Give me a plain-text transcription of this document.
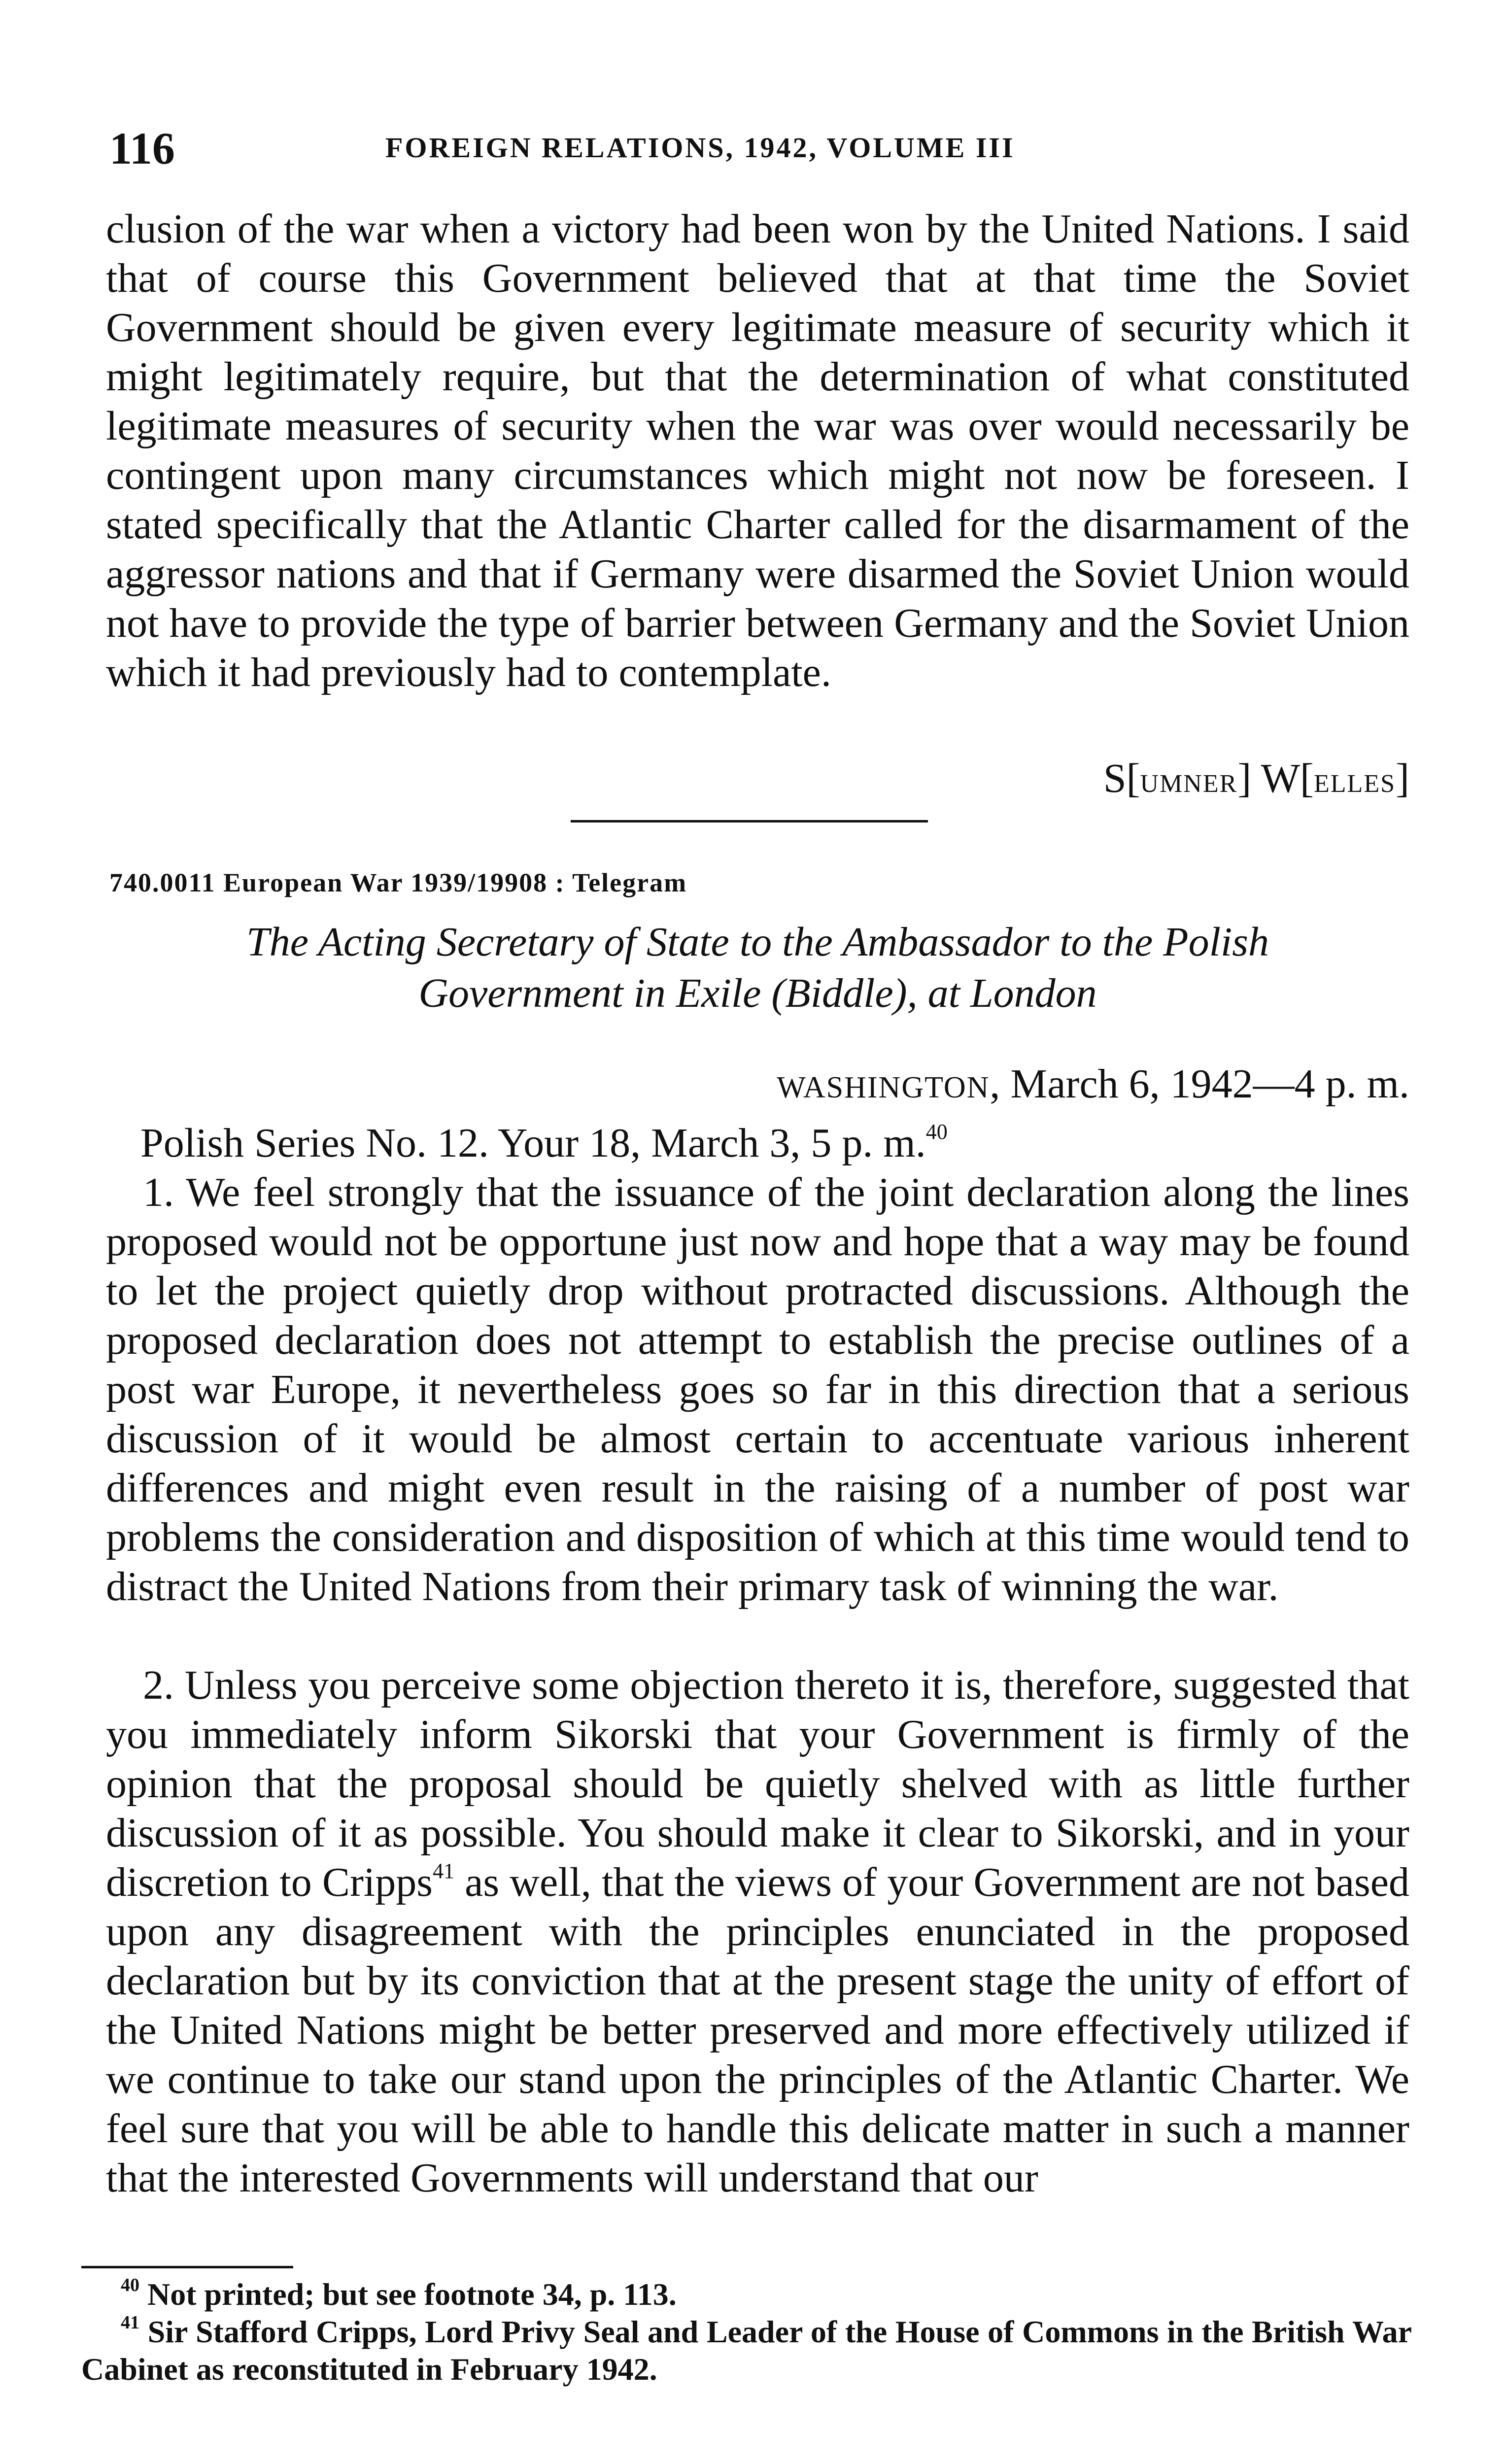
116	FOREIGN RELATIONS, 1942, VOLUME III
clusion of the war when a victory had been won by the United Nations. I said that of course this Government believed that at that time the Soviet Government should be given every legitimate measure of security which it might legitimately require, but that the determination of what constituted legitimate measures of security when the war was over would necessarily be contingent upon many circumstances which might not now be foreseen. I stated specifically that the Atlantic Charter called for the disarmament of the aggressor nations and that if Germany were disarmed the Soviet Union would not have to provide the type of barrier between Germany and the Soviet Union which it had previously had to contemplate.
S[UMNER] W[ELLES]
740.0011 European War 1939/19908 : Telegram
The Acting Secretary of State to the Ambassador to the Polish
Government in Exile (Biddle), at London
WASHINGTON, March 6, 1942—4 p. m.
Polish Series No. 12. Your 18, March 3, 5 p. m.$^{40}$
1. We feel strongly that the issuance of the joint declaration along the lines proposed would not be opportune just now and hope that a way may be found to let the project quietly drop without protracted discussions. Although the proposed declaration does not attempt to establish the precise outlines of a post war Europe, it nevertheless goes so far in this direction that a serious discussion of it would be almost certain to accentuate various inherent differences and might even result in the raising of a number of post war problems the consideration and disposition of which at this time would tend to distract the United Nations from their primary task of winning the war.
2. Unless you perceive some objection thereto it is, therefore, suggested that you immediately inform Sikorski that your Government is firmly of the opinion that the proposal should be quietly shelved with as little further discussion of it as possible. You should make it clear to Sikorski, and in your discretion to Cripps$^{41}$ as well, that the views of your Government are not based upon any disagreement with the principles enunciated in the proposed declaration but by its conviction that at the present stage the unity of effort of the United Nations might be better preserved and more effectively utilized if we continue to take our stand upon the principles of the Atlantic Charter. We feel sure that you will be able to handle this delicate matter in such a manner that the interested Governments will understand that our

$^{40}$ Not printed; but see footnote 34, p. 113.

$^{41}$ Sir Stafford Cripps, Lord Privy Seal and Leader of the House of Commons in the British War Cabinet as reconstituted in February 1942.
